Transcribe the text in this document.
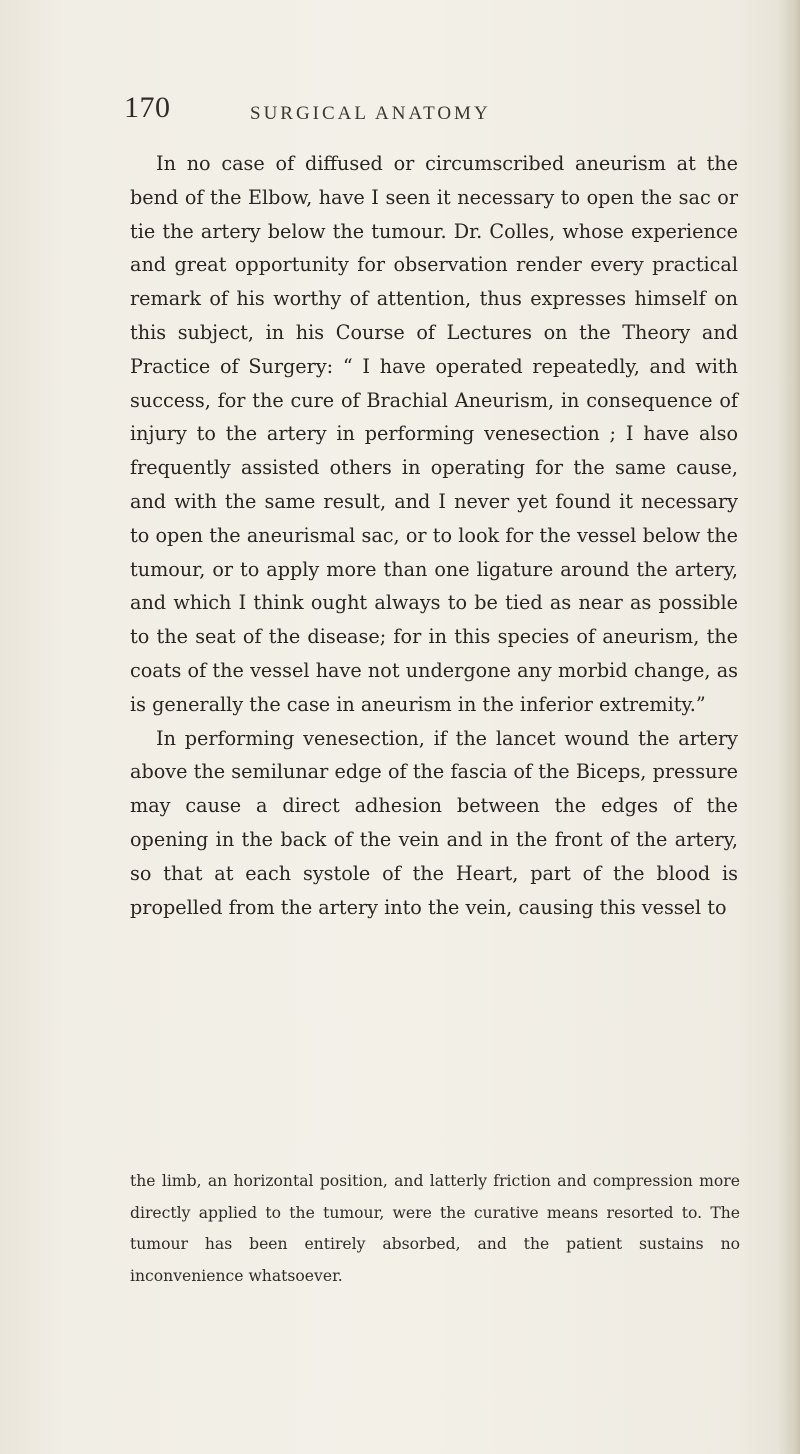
170	SURGICAL ANATOMY

In no case of diffused or circumscribed aneurism at the bend of the Elbow, have I seen it necessary to open the sac or tie the artery below the tumour. Dr. Colles, whose experience and great opportunity for observation render every practical remark of his worthy of attention, thus expresses himself on this subject, in his Course of Lectures on the Theory and Practice of Surgery: “ I have operated repeatedly, and with success, for the cure of Brachial Aneurism, in consequence of injury to the artery in performing venesection ; I have also frequently assisted others in operating for the same cause, and with the same result, and I never yet found it necessary to open the aneurismal sac, or to look for the vessel below the tumour, or to apply more than one ligature around the artery, and which I think ought always to be tied as near as possible to the seat of the disease; for in this species of aneurism, the coats of the vessel have not undergone any morbid change, as is generally the case in aneurism in the inferior extremity.”

In performing venesection, if the lancet wound the artery above the semilunar edge of the fascia of the Biceps, pressure may cause a direct adhesion between the edges of the opening in the back of the vein and in the front of the artery, so that at each systole of the Heart, part of the blood is propelled from the artery into the vein, causing this vessel to

the limb, an horizontal position, and latterly friction and compression more directly applied to the tumour, were the curative means resorted to. The tumour has been entirely absorbed, and the patient sustains no inconvenience whatsoever.
